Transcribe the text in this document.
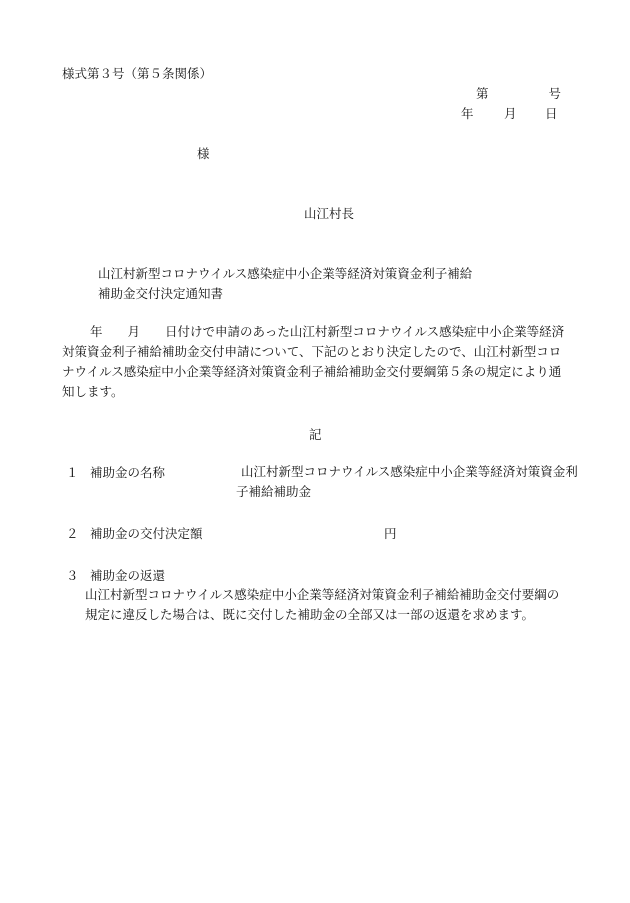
様式第３号（第５条関係）
第	号
年 月 日
様
山江村長
山江村新型コロナウイルス感染症中小企業等経済対策資金利子補給
補助金交付決定通知書
年　　月　　日付けで申請のあった山江村新型コロナウイルス感染症中小企業等経済対策資金利子補給補助金交付申請について、下記のとおり決定したので、山江村新型コロナウイルス感染症中小企業等経済対策資金利子補給補助金交付要綱第５条の規定により通知します。
記
１ 補助金の名称	山江村新型コロナウイルス感染症中小企業等経済対策資金利子補給補助金
２ 補助金の交付決定額	円
３ 補助金の返還
山江村新型コロナウイルス感染症中小企業等経済対策資金利子補給補助金交付要綱の規定に違反した場合は、既に交付した補助金の全部又は一部の返還を求めます。
